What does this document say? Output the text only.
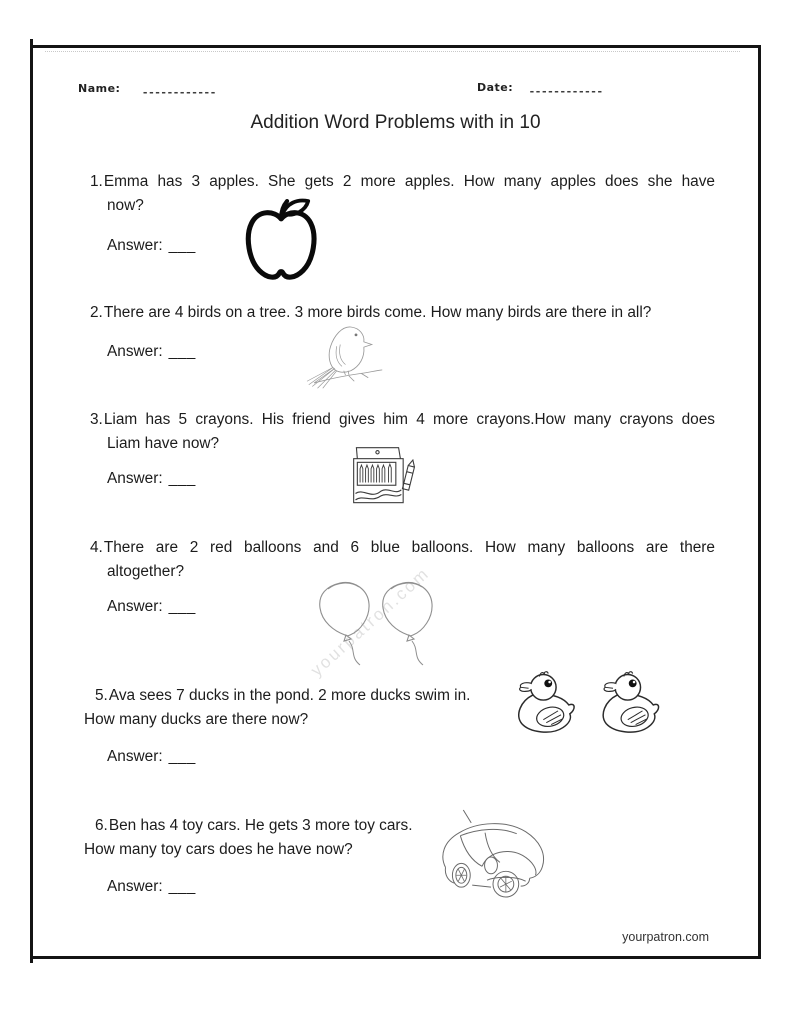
Name: ------------	Date: ------------
Addition Word Problems with in 10
1.Emma has 3 apples. She gets 2 more apples. How many apples does she have
now?
Answer: ___
2.There are 4 birds on a tree. 3 more birds come. How many birds are there in all?
Answer: ___
3.Liam has 5 crayons. His friend gives him 4 more crayons.How many crayons does
Liam have now?
Answer: ___
4.There are 2 red balloons and 6 blue balloons. How many balloons are there
altogether?
Answer: ___	yourpatron.com
5.Ava sees 7 ducks in the pond. 2 more ducks swim in.
How many ducks are there now?
Answer: ___
6.Ben has 4 toy cars. He gets 3 more toy cars.
How many toy cars does he have now?
Answer: ___
yourpatron.com
